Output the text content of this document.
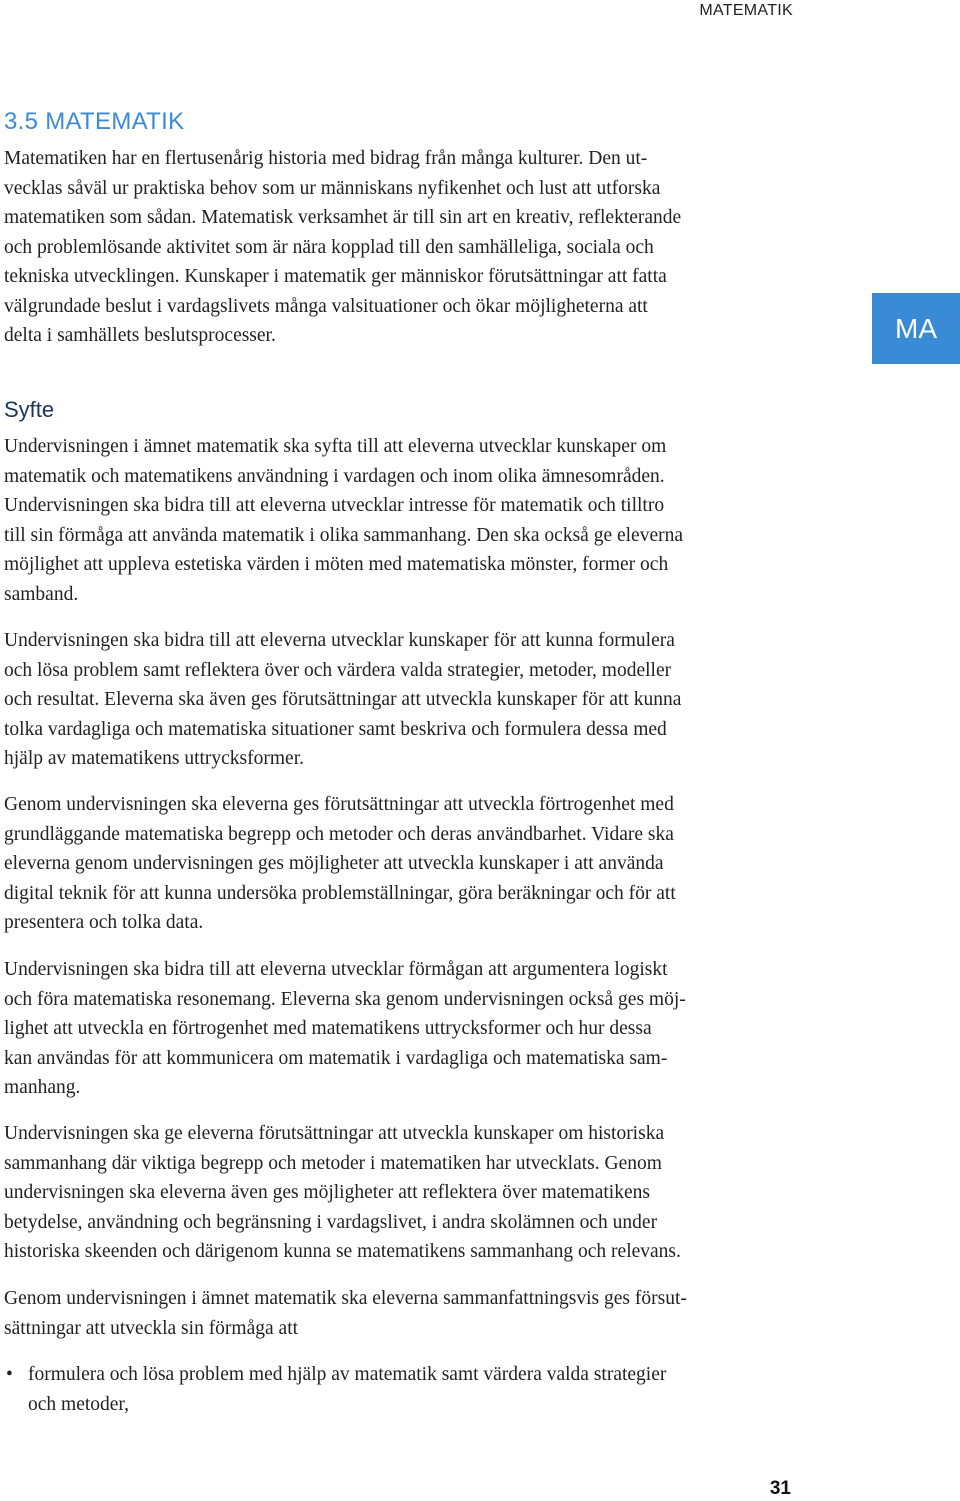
MATEMATIK
3.5 MATEMATIK
MA

Matematiken har en flertusenårig historia med bidrag från många kulturer. Den ut-
vecklas såväl ur praktiska behov som ur människans nyfikenhet och lust att utforska
matematiken som sådan. Matematisk verksamhet är till sin art en kreativ, reflekterande
och problemlösande aktivitet som är nära kopplad till den samhälleliga, sociala och
tekniska utvecklingen. Kunskaper i matematik ger människor förutsättningar att fatta
välgrundade beslut i vardagslivets många valsituationer och ökar möjligheterna att
delta i samhällets beslutsprocesser.

Syfte

Undervisningen i ämnet matematik ska syfta till att eleverna utvecklar kunskaper om
matematik och matematikens användning i vardagen och inom olika ämnesområden.
Undervisningen ska bidra till att eleverna utvecklar intresse för matematik och tilltro
till sin förmåga att använda matematik i olika sammanhang. Den ska också ge eleverna
möjlighet att uppleva estetiska värden i möten med matematiska mönster, former och
samband.

Undervisningen ska bidra till att eleverna utvecklar kunskaper för att kunna formulera
och lösa problem samt reflektera över och värdera valda strategier, metoder, modeller
och resultat. Eleverna ska även ges förutsättningar att utveckla kunskaper för att kunna
tolka vardagliga och matematiska situationer samt beskriva och formulera dessa med
hjälp av matematikens uttrycksformer.

Genom undervisningen ska eleverna ges förutsättningar att utveckla förtrogenhet med
grundläggande matematiska begrepp och metoder och deras användbarhet. Vidare ska
eleverna genom undervisningen ges möjligheter att utveckla kunskaper i att använda
digital teknik för att kunna undersöka problemställningar, göra beräkningar och för att
presentera och tolka data.

Undervisningen ska bidra till att eleverna utvecklar förmågan att argumentera logiskt
och föra matematiska resonemang. Eleverna ska genom undervisningen också ges möj-
lighet att utveckla en förtrogenhet med matematikens uttrycksformer och hur dessa
kan användas för att kommunicera om matematik i vardagliga och matematiska sam-
manhang.

Undervisningen ska ge eleverna förutsättningar att utveckla kunskaper om historiska
sammanhang där viktiga begrepp och metoder i matematiken har utvecklats. Genom
undervisningen ska eleverna även ges möjligheter att reflektera över matematikens
betydelse, användning och begränsning i vardagslivet, i andra skolämnen och under
historiska skeenden och därigenom kunna se matematikens sammanhang och relevans.

Genom undervisningen i ämnet matematik ska eleverna sammanfattningsvis ges försut-
sättningar att utveckla sin förmåga att

• formulera och lösa problem med hjälp av matematik samt värdera valda strategier
och metoder,
31
